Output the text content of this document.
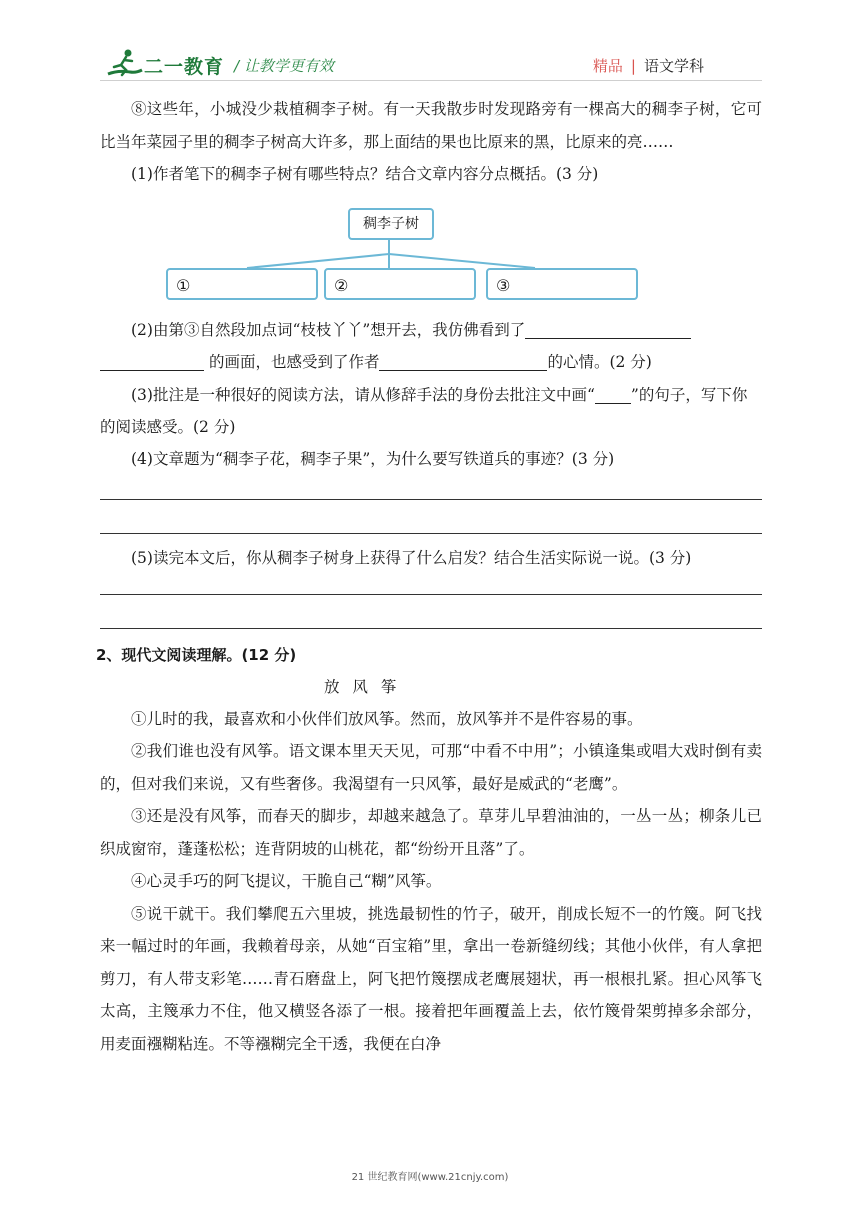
二一教育 / 让教学更有效	精品 | 语文学科

⑧这些年，小城没少栽植稠李子树。有一天我散步时发现路旁有一棵高大的稠李子树，它可比当年菜园子里的稠李子树高大许多，那上面结的果也比原来的黑，比原来的亮……

(1)作者笔下的稠李子树有哪些特点？结合文章内容分点概括。(3 分)

稠李子树
①	②	③

(2)由第③自然段加点词“枝枝丫丫”想开去，我仿佛看到了

的画面，也感受到了作者	的心情。(2 分)

(3)批注是一种很好的阅读方法，请从修辞手法的身份去批注文中画“ ”的句子，写下你的阅读感受。(2 分)

(4)文章题为“稠李子花，稠李子果”，为什么要写铁道兵的事迹？(3 分)

(5)读完本文后，你从稠李子树身上获得了什么启发？结合生活实际说一说。(3 分)

2、现代文阅读理解。(12 分)

放 风 筝

①儿时的我，最喜欢和小伙伴们放风筝。然而，放风筝并不是件容易的事。

②我们谁也没有风筝。语文课本里天天见，可那“中看不中用”；小镇逢集或唱大戏时倒有卖的，但对我们来说，又有些奢侈。我渴望有一只风筝，最好是威武的“老鹰”。

③还是没有风筝，而春天的脚步，却越来越急了。草芽儿早碧油油的，一丛一丛；柳条儿已织成窗帘，蓬蓬松松；连背阴坡的山桃花，都“纷纷开且落”了。

④心灵手巧的阿飞提议，干脆自己“糊”风筝。

⑤说干就干。我们攀爬五六里坡，挑选最韧性的竹子，破开，削成长短不一的竹篾。阿飞找来一幅过时的年画，我赖着母亲，从她“百宝箱”里，拿出一卷新缝纫线；其他小伙伴，有人拿把剪刀，有人带支彩笔……青石磨盘上，阿飞把竹篾摆成老鹰展翅状，再一根根扎紧。担心风筝飞太高，主篾承力不住，他又横竖各添了一根。接着把年画覆盖上去，依竹篾骨架剪掉多余部分，用麦面襁糊粘连。不等襁糊完全干透，我便在白净

21 世纪教育网(www.21cnjy.com)
